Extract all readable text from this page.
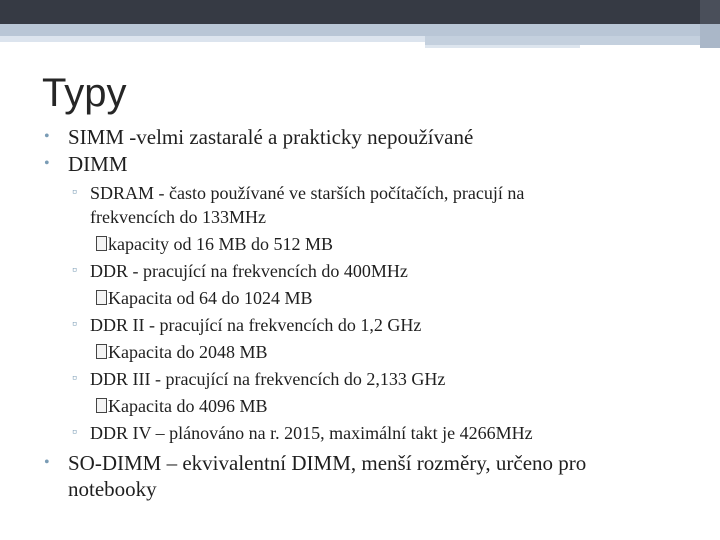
Typy
• SIMM -velmi zastaralé a prakticky nepoužívané
• DIMM
▫ SDRAM - často používané ve starších počítačích, pracují na
frekvencích do 133MHz
kapacity od 16 MB do 512 MB
▫ DDR - pracující na frekvencích do 400MHz
Kapacita od 64 do 1024 MB
▫ DDR II - pracující na frekvencích do 1,2 GHz
Kapacita do 2048 MB
▫ DDR III - pracující na frekvencích do 2,133 GHz
Kapacita do 4096 MB
▫ DDR IV – plánováno na r. 2015, maximální takt je 4266MHz
• SO-DIMM – ekvivalentní DIMM, menší rozměry, určeno pro
notebooky
